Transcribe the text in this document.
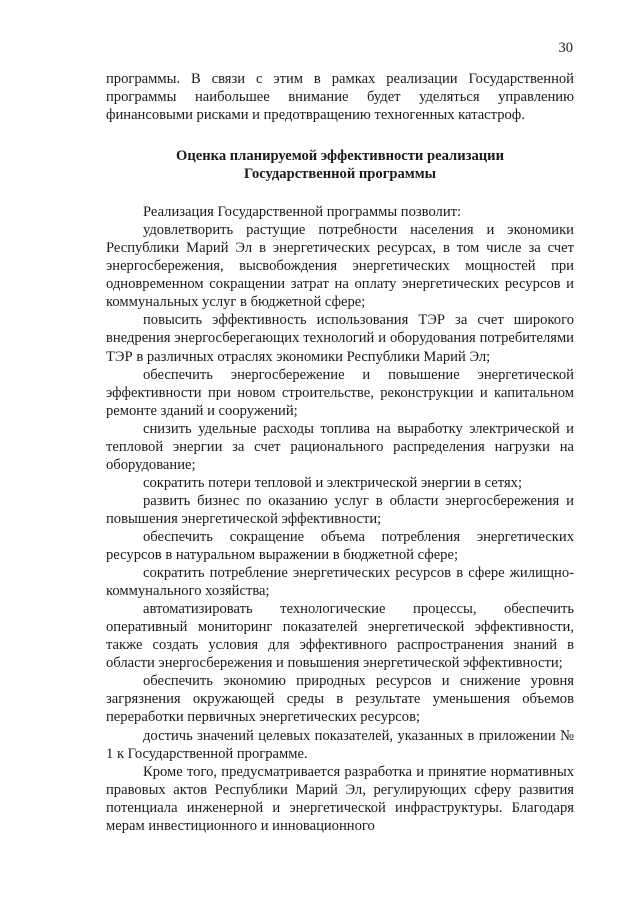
30

программы. В связи с этим в рамках реализации Государственной программы наибольшее внимание будет уделяться управлению финансовыми рисками и предотвращению техногенных катастроф.

Оценка планируемой эффективности реализации
Государственной программы

Реализация Государственной программы позволит:

удовлетворить растущие потребности населения и экономики Республики Марий Эл в энергетических ресурсах, в том числе за счет энергосбережения, высвобождения энергетических мощностей при одновременном сокращении затрат на оплату энергетических ресурсов и коммунальных услуг в бюджетной сфере;

повысить эффективность использования ТЭР за счет широкого внедрения энергосберегающих технологий и оборудования потребителями ТЭР в различных отраслях экономики Республики Марий Эл;

обеспечить энергосбережение и повышение энергетической эффективности при новом строительстве, реконструкции и капитальном ремонте зданий и сооружений;

снизить удельные расходы топлива на выработку электрической и тепловой энергии за счет рационального распределения нагрузки на оборудование;

сократить потери тепловой и электрической энергии в сетях;

развить бизнес по оказанию услуг в области энергосбережения и повышения энергетической эффективности;

обеспечить сокращение объема потребления энергетических ресурсов в натуральном выражении в бюджетной сфере;

сократить потребление энергетических ресурсов в сфере жилищно-коммунального хозяйства;

автоматизировать технологические процессы, обеспечить оперативный мониторинг показателей энергетической эффективности, также создать условия для эффективного распространения знаний в области энергосбережения и повышения энергетической эффективности;

обеспечить экономию природных ресурсов и снижение уровня загрязнения окружающей среды в результате уменьшения объемов переработки первичных энергетических ресурсов;

достичь значений целевых показателей, указанных в приложении № 1 к Государственной программе.

Кроме того, предусматривается разработка и принятие нормативных правовых актов Республики Марий Эл, регулирующих сферу развития потенциала инженерной и энергетической инфраструктуры. Благодаря мерам инвестиционного и инновационного
